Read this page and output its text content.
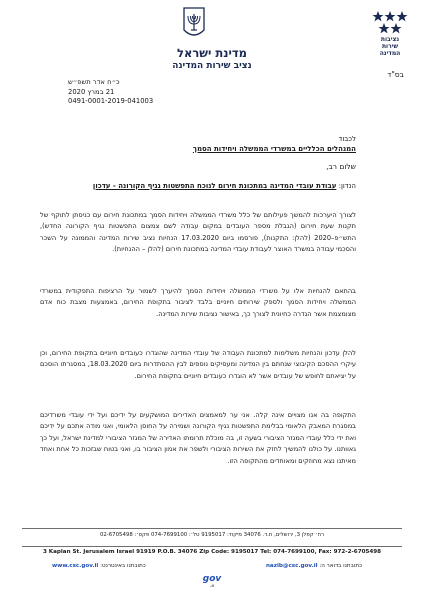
מדינת ישראל
נציב שירות המדינה
נציבות
שירות
המדינה
בס"ד
כ״ח אדר תשפ״ש
21 במרץ 2020
0491-0001-2019-041003
לכבוד
המנהלים הכלליים במשרדי הממשלה ויחידות הסמך
שלום רב,
הנדון: עבודת עובדי המדינה במתכונת חירום לנוכח התפשטות נגיף הקורונה - עדכון

לצורך היערכות להמשך פעילותם של כלל משרדי הממשלה ויחידות הסמך במתכונת חירום עם כניסתן לתוקף של תקנות שעת חירום (הגבלת מספר העובדים במקום עבודה לשם צמצום התפשטות נגיף הקורונה החדש), התש״פ–2020 (להלן: התקנות), פורסמו ביום 17.03.2020 הנחיות נציב שירות המדינה והממונה על השכר והסכמי עבודה במשרד האוצר לעבודת עובדי המדינה במתכונת חירום (להלן – ההנחיות).

בהתאם להנחיות אלו על משרדי הממשלה ויחידות הסמך להיערך לשמור על הרציפות התפקודית במשרדי הממשלה ויחידות הסמך ולספק שירותים חיוניים בלבד לציבור בתקופת החירום, באמצעות מצבת כוח אדם מצומצמת אשר הגדרה כחיונית לצורך כך, באישור נציבות שירות המדינה.

להלן עדכון והנחיות משלימות למתכונת העבודה של עובדי המדינה שהוגדרו כעובדים חיוניים בתקופת החירום, וכן עיקרי ההסכם הקיבוצי שנחתם בין המדינה ומעסיקים נוספים לבין ההסתדרות ביום 18.03.2020, במסגרתו הוסכם על יציאתם לחופש של עובדים אשר לא הוגדרו כעובדים חיוניים בתקופת החירום.

התקופה בה אנו מצויים אינה קלה. אני ער למאמצים האדירים המושקעים על ידיכם ועל ידי עובדי משרדיכם במסגרת המאבק הלאומי בבלימת התפשטות נגיף הקורונה ושמירה על החוסן הלאומי, ואני מודה אתכם על ידיכם ואת ידי כלל עובדי המגזר הציבורי בשעה זו, בה מוכלת תרומתו האדירה של המגזר הציבורי למדינת ישראל, ועל כך גאוותנו. על כולנו להמשיך לחזק את השירות הציבורי ולשפר את אמון הציבור בו, ואני בטוח שבזכות כל אחת ואחד מאיתנו נצא מחוזקים ומאוחדים מהתקופה הזו.

רח׳ קפלן 3, ירושלים, ת.ד. 34076 מיקוד: 9195017 טל׳: 074-7699100 פקס׳: 02-6705498
3 Kaplan St. Jerusalem Israel 91919 P.O.B. 34076 Zip Code: 9195017 Tel: 074-7699100, Fax: 972-2-6705498
כתובתנו באינטרנט: www.csc.gov.il	כתובתנו בדואר ה: nazib@csc.gov.il
gov
.il
